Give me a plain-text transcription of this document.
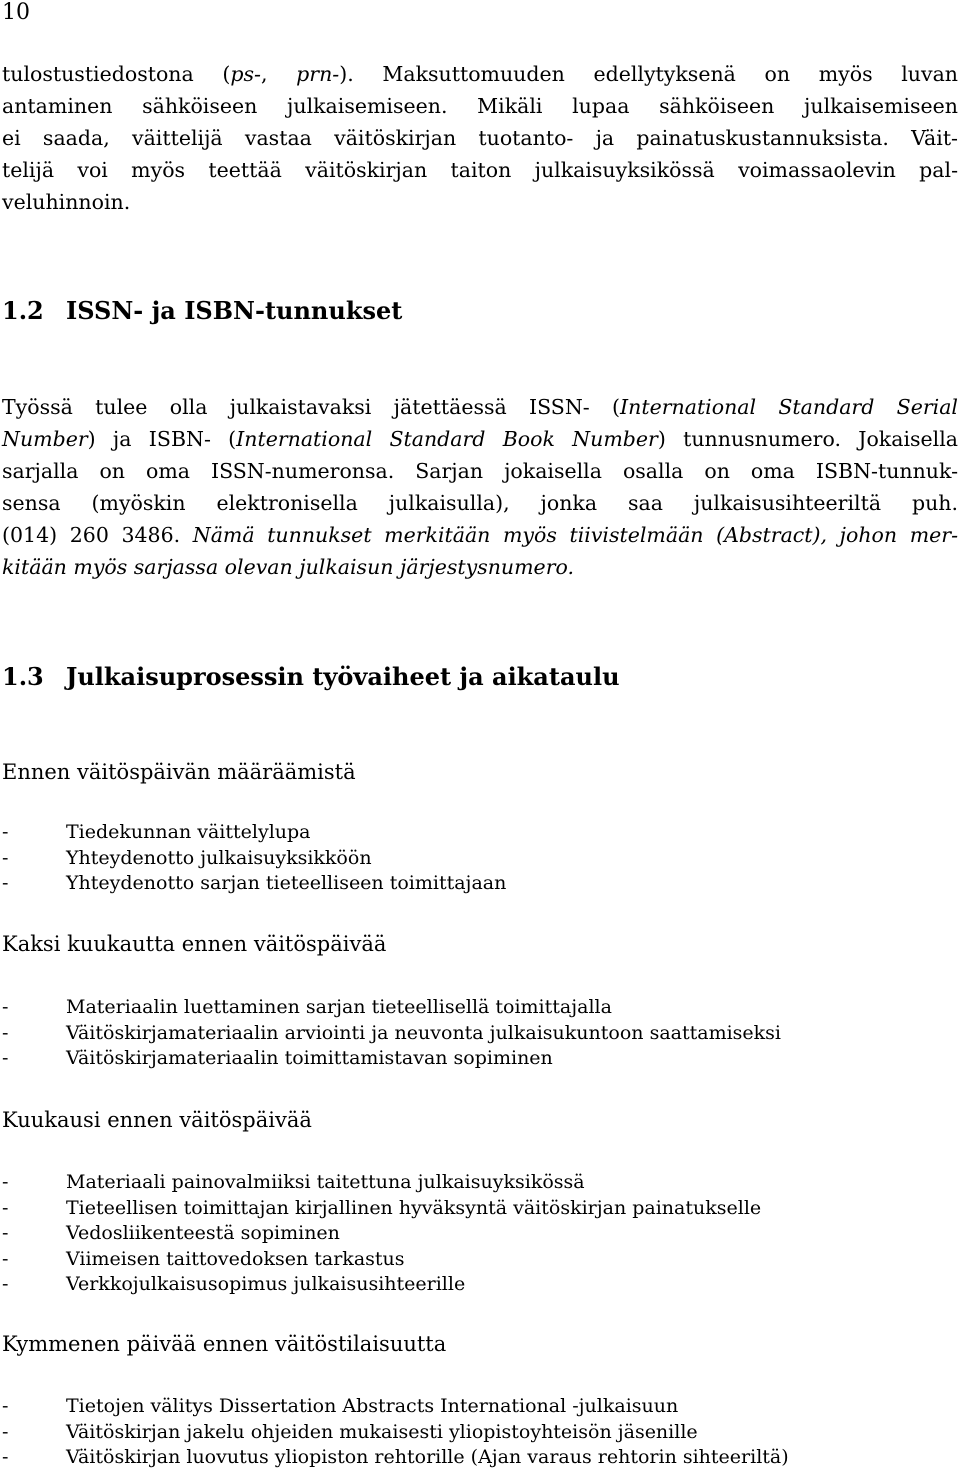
10
tulostustiedostona (ps-, prn-). Maksuttomuuden edellytyksenä on myös luvan
antaminen sähköiseen julkaisemiseen. Mikäli lupaa sähköiseen julkaisemiseen
ei saada, väittelijä vastaa väitöskirjan tuotanto- ja painatuskustannuksista. Väit-
telijä voi myös teettää väitöskirjan taiton julkaisuyksikössä voimassaolevin pal-
veluhinnoin.
1.2 ISSN- ja ISBN-tunnukset
Työssä tulee olla julkaistavaksi jätettäessä ISSN- (International Standard Serial
Number) ja ISBN- (International Standard Book Number) tunnusnumero. Jokaisella
sarjalla on oma ISSN-numeronsa. Sarjan jokaisella osalla on oma ISBN-tunnuk-
sensa (myöskin elektronisella julkaisulla), jonka saa julkaisusihteeriltä puh.
(014) 260 3486. Nämä tunnukset merkitään myös tiivistelmään (Abstract), johon mer-
kitään myös sarjassa olevan julkaisun järjestysnumero.
1.3 Julkaisuprosessin työvaiheet ja aikataulu
Ennen väitöspäivän määräämistä
-	Tiedekunnan väittelylupa
-	Yhteydenotto julkaisuyksikköön
-	Yhteydenotto sarjan tieteelliseen toimittajaan
Kaksi kuukautta ennen väitöspäivää
-	Materiaalin luettaminen sarjan tieteellisellä toimittajalla
-	Väitöskirjamateriaalin arviointi ja neuvonta julkaisukuntoon saattamiseksi
-	Väitöskirjamateriaalin toimittamistavan sopiminen
Kuukausi ennen väitöspäivää
-	Materiaali painovalmiiksi taitettuna julkaisuyksikössä
-	Tieteellisen toimittajan kirjallinen hyväksyntä väitöskirjan painatukselle
-	Vedosliikenteestä sopiminen
-	Viimeisen taittovedoksen tarkastus
-	Verkkojulkaisusopimus julkaisusihteerille
Kymmenen päivää ennen väitöstilaisuutta
-	Tietojen välitys Dissertation Abstracts International -julkaisuun
-	Väitöskirjan jakelu ohjeiden mukaisesti yliopistoyhteisön jäsenille
-	Väitöskirjan luovutus yliopiston rehtorille (Ajan varaus rehtorin sihteeriltä)
